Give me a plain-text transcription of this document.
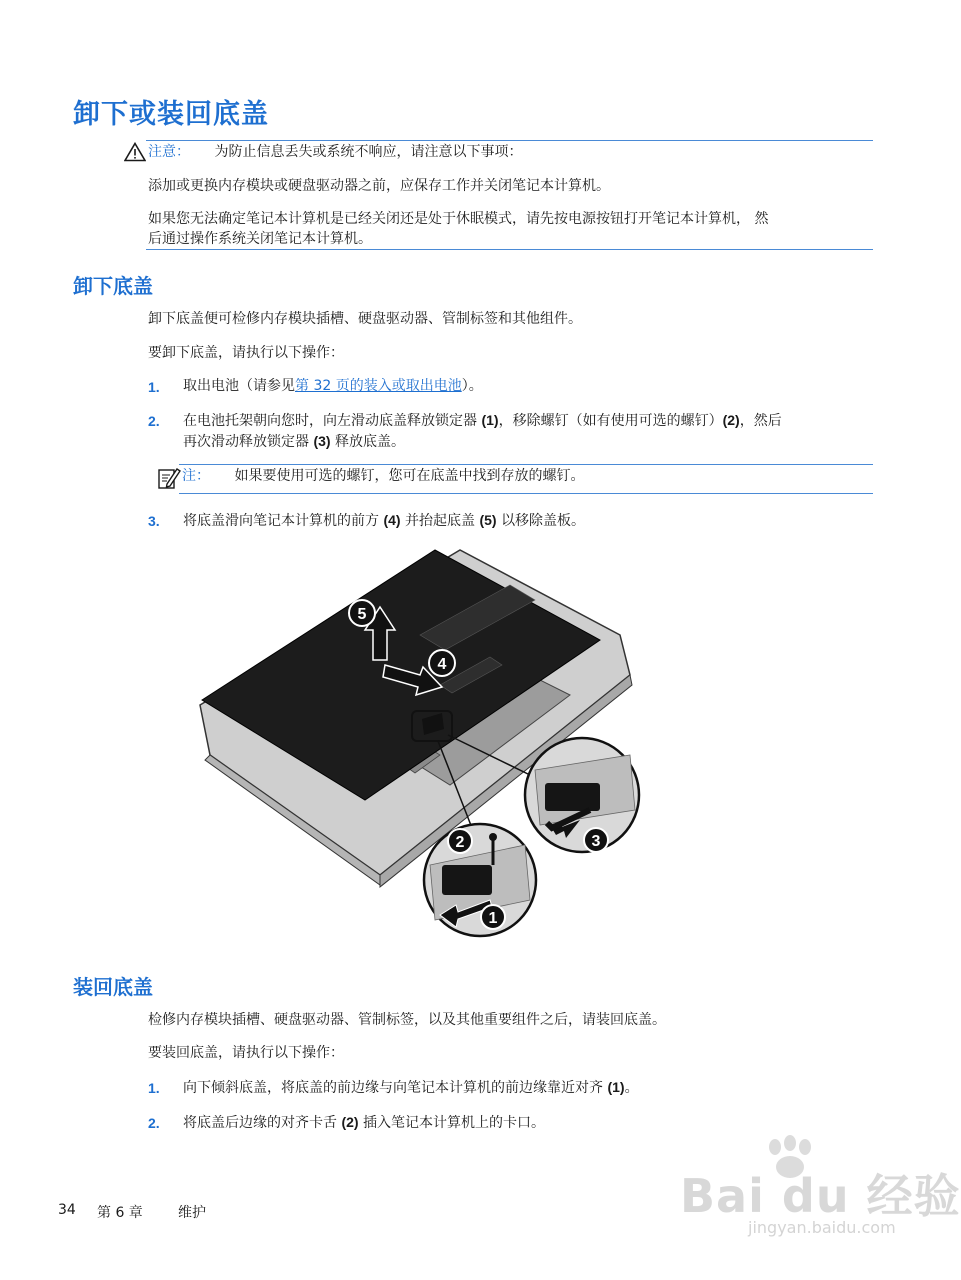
卸下或装回底盖
注意： 为防止信息丢失或系统不响应，请注意以下事项：
添加或更换内存模块或硬盘驱动器之前，应保存工作并关闭笔记本计算机。
如果您无法确定笔记本计算机是已经关闭还是处于休眠模式，请先按电源按钮打开笔记本计算机， 然
后通过操作系统关闭笔记本计算机。
卸下底盖
卸下底盖便可检修内存模块插槽、硬盘驱动器、管制标签和其他组件。
要卸下底盖，请执行以下操作：
1. 取出电池（请参见第 32 页的装入或取出电池）。
2. 在电池托架朝向您时，向左滑动底盖释放锁定器 (1)，移除螺钉（如有使用可选的螺钉）(2)，然后
再次滑动释放锁定器 (3) 释放底盖。
注： 如果要使用可选的螺钉，您可在底盖中找到存放的螺钉。
3. 将底盖滑向笔记本计算机的前方 (4) 并抬起底盖 (5) 以移除盖板。
5
4
2	3
1
装回底盖
检修内存模块插槽、硬盘驱动器、管制标签，以及其他重要组件之后，请装回底盖。
要装回底盖，请执行以下操作：
1. 向下倾斜底盖，将底盖的前边缘与向笔记本计算机的前边缘靠近对齐 (1)。
2. 将底盖后边缘的对齐卡舌 (2) 插入笔记本计算机上的卡口。
34 第 6 章	维护	Bai du 经验
jingyan.baidu.com
